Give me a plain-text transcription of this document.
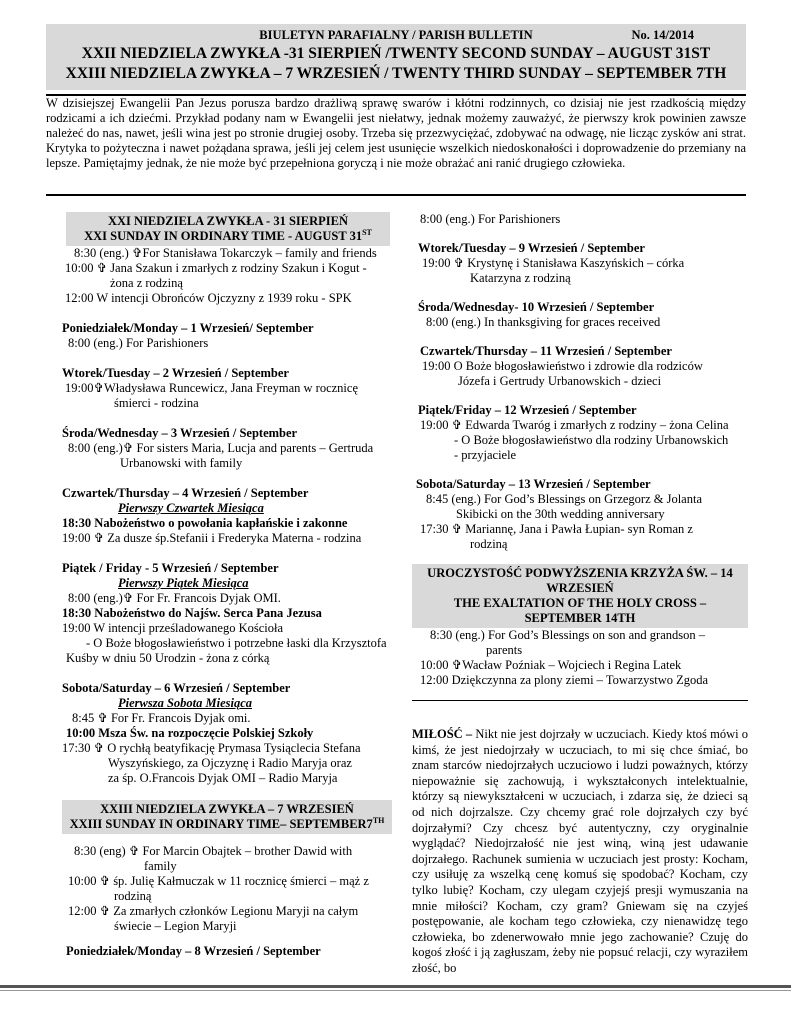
BIULETYN PARAFIALNY / PARISH BULLETIN	No. 14/2014
XXII NIEDZIELA ZWYKŁA -31 SIERPIEŃ /TWENTY SECOND SUNDAY – AUGUST 31ST
XXIII NIEDZIELA ZWYKŁA – 7 WRZESIEŃ / TWENTY THIRD SUNDAY – SEPTEMBER 7TH
W dzisiejszej Ewangelii Pan Jezus porusza bardzo drażliwą sprawę swarów i kłótni rodzinnych, co dzisiaj nie jest rzadkością między rodzicami a ich dziećmi. Przykład podany nam w Ewangelii jest niełatwy, jednak możemy zauważyć, że pierwszy krok powinien zawsze należeć do nas, nawet, jeśli wina jest po stronie drugiej osoby. Trzeba się przezwyciężać, zdobywać na odwagę, nie licząc zysków ani strat. Krytyka to pożyteczna i nawet pożądana sprawa, jeśli jej celem jest usunięcie wszelkich niedoskonałości i doprowadzenie do przemiany na lepsze. Pamiętajmy jednak, że nie może być przepełniona goryczą i nie może obrażać ani ranić drugiego człowieka.
XXI NIEDZIELA ZWYKŁA - 31 SIERPIEŃ
XXI SUNDAY IN ORDINARY TIME - AUGUST 31ST
8:30 (eng.) ✞For Stanisława Tokarczyk – family and friends
10:00 ✞ Jana Szakun i zmarłych z rodziny Szakun i Kogut -
żona z rodziną
12:00 W intencji Obrońców Ojczyzny z 1939 roku - SPK
Poniedziałek/Monday – 1 Wrzesień/ September
8:00 (eng.) For Parishioners
Wtorek/Tuesday – 2 Wrzesień / September
19:00✞Władysława Runcewicz, Jana Freyman w rocznicę
śmierci - rodzina
Środa/Wednesday – 3 Wrzesień / September
8:00 (eng.)✞ For sisters Maria, Lucja and parents – Gertruda
Urbanowski with family
Czwartek/Thursday – 4 Wrzesień / September
Pierwszy Czwartek Miesiąca
18:30 Nabożeństwo o powołania kapłańskie i zakonne
19:00 ✞ Za dusze śp.Stefanii i Frederyka Materna - rodzina
Piątek / Friday - 5 Wrzesień / September
Pierwszy Piątek Miesiąca
8:00 (eng.)✞ For Fr. Francois Dyjak OMI.
18:30 Nabożeństwo do Najśw. Serca Pana Jezusa
19:00 W intencji prześladowanego Kościoła
- O Boże błogosławieństwo i potrzebne łaski dla Krzysztofa
Kuśby w dniu 50 Urodzin - żona z córką
Sobota/Saturday – 6 Wrzesień / September
Pierwsza Sobota Miesiąca
8:45 ✞ For Fr. Francois Dyjak omi.
10:00 Msza Św. na rozpoczęcie Polskiej Szkoły
17:30 ✞ O rychłą beatyfikację Prymasa Tysiąclecia Stefana
Wyszyńskiego, za Ojczyznę i Radio Maryja oraz
za śp. O.Francois Dyjak OMI – Radio Maryja
XXIII NIEDZIELA ZWYKŁA – 7 WRZESIEŃ
XXIII SUNDAY IN ORDINARY TIME– SEPTEMBER7TH
8:30 (eng) ✞ For Marcin Obajtek – brother Dawid with
family
10:00 ✞ śp. Julię Kałmuczak w 11 rocznicę śmierci – mąż z
rodziną
12:00 ✞ Za zmarłych członków Legionu Maryji na całym
świecie – Legion Maryji
Poniedziałek/Monday – 8 Wrzesień / September
8:00 (eng.) For Parishioners
Wtorek/Tuesday – 9 Wrzesień / September
19:00 ✞ Krystynę i Stanisława Kaszyńskich – córka
Katarzyna z rodziną
Środa/Wednesday- 10 Wrzesień / September
8:00 (eng.) In thanksgiving for graces received
Czwartek/Thursday – 11 Wrzesień / September
19:00 O Boże błogosławieństwo i zdrowie dla rodziców
Józefa i Gertrudy Urbanowskich - dzieci
Piątek/Friday – 12 Wrzesień / September
19:00 ✞ Edwarda Twaróg i zmarłych z rodziny – żona Celina
- O Boże błogosławieństwo dla rodziny Urbanowskich
- przyjaciele
Sobota/Saturday – 13 Wrzesień / September
8:45 (eng.) For God’s Blessings on Grzegorz & Jolanta
Skibicki on the 30th wedding anniversary
17:30 ✞ Mariannę, Jana i Pawła Łupian- syn Roman z
rodziną
UROCZYSTOŚĆ PODWYŻSZENIA KRZYŻA ŚW. – 14
WRZESIEŃ
THE EXALTATION OF THE HOLY CROSS –
SEPTEMBER 14TH
8:30 (eng.) For God’s Blessings on son and grandson –
parents
10:00 ✞Wacław Poźniak – Wojciech i Regina Latek
12:00 Dziękczynna za plony ziemi – Towarzystwo Zgoda
MIŁOŚĆ – Nikt nie jest dojrzały w uczuciach. Kiedy ktoś mówi o kimś, że jest niedojrzały w uczuciach, to mi się chce śmiać, bo znam starców niedojrzałych uczuciowo i ludzi poważnych, którzy niepoważnie się zachowują, i wykształconych intelektualnie, którzy są niewykształceni w uczuciach, i zdarza się, że dzieci są od nich dojrzalsze. Czy chcemy grać role dojrzałych czy być dojrzałymi? Czy chcesz być autentyczny, czy oryginalnie wyglądać? Niedojrzałość nie jest winą, winą jest udawanie dojrzałego. Rachunek sumienia w uczuciach jest prosty: Kocham, czy usiłuję za wszelką cenę komuś się spodobać? Kocham, czy tylko lubię? Kocham, czy ulegam czyjejś presji wymuszania na mnie miłości? Kocham, czy gram? Gniewam się na czyjeś postępowanie, ale kocham tego człowieka, czy nienawidzę tego człowieka, bo zdenerwowało mnie jego zachowanie? Czuję do kogoś złość i ją zagłuszam, żeby nie popsuć relacji, czy wyraziłem złość, bo
